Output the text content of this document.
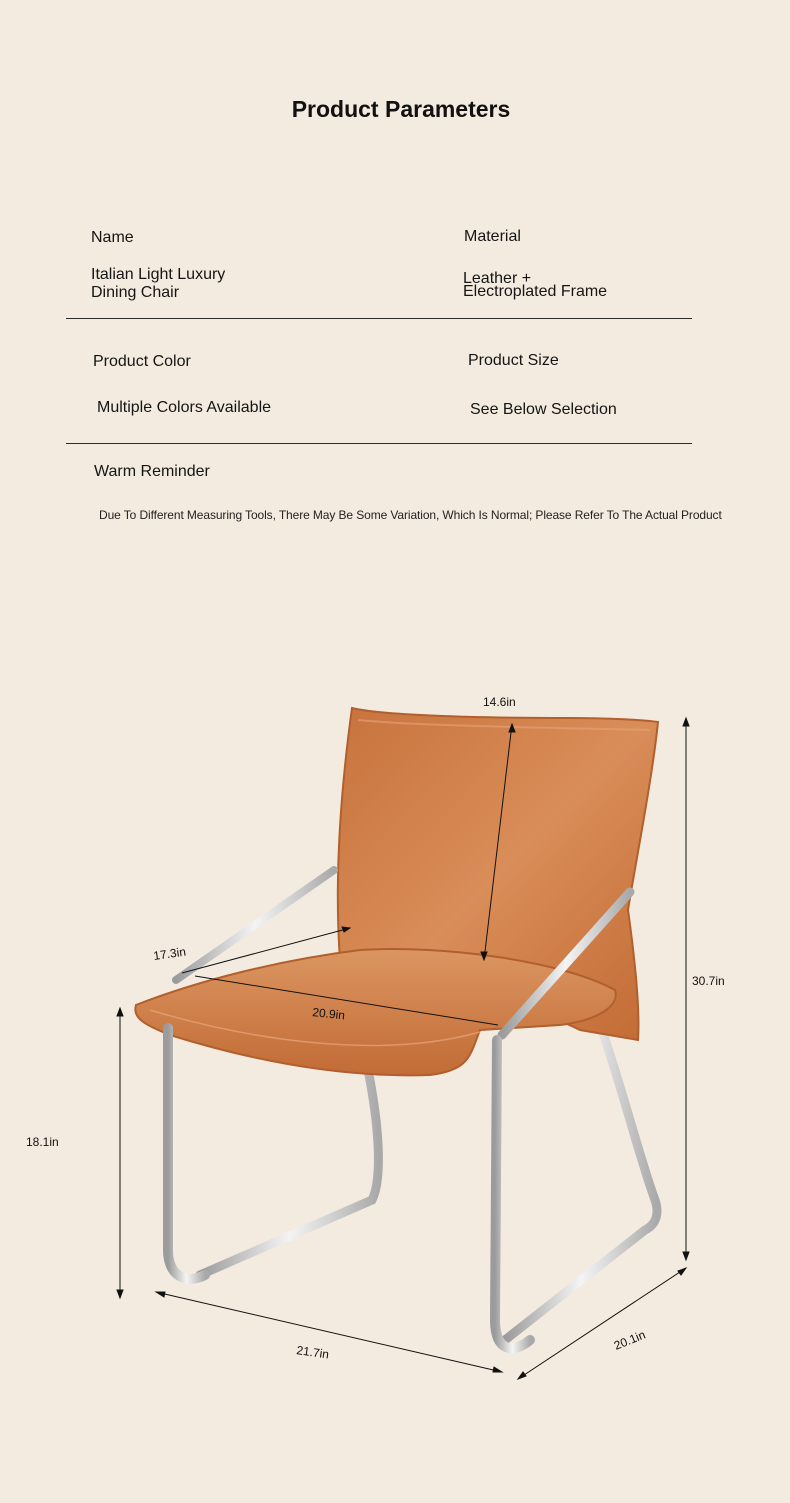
Product Parameters
Name
Italian Light Luxury
Dining Chair
Material
Leather +
Electroplated Frame
Product Color
Multiple Colors Available
Product Size
See Below Selection
Warm Reminder
Due To Different Measuring Tools, There May Be Some Variation, Which Is Normal; Please Refer To The Actual Product
14.6in
17.3in
20.9in
30.7in
18.1in
21.7in	20.1in
